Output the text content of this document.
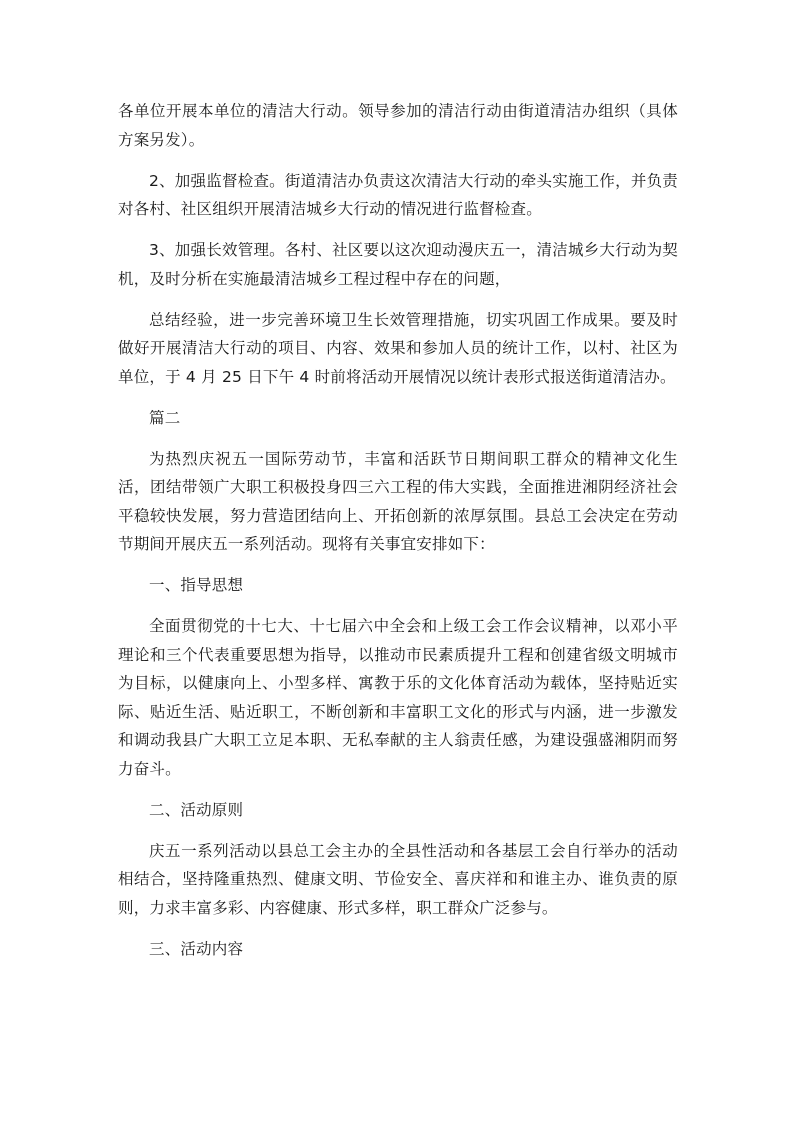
各单位开展本单位的清洁大行动。领导参加的清洁行动由街道清洁办组织（具体方案另发）。

2、加强监督检查。街道清洁办负责这次清洁大行动的牵头实施工作，并负责对各村、社区组织开展清洁城乡大行动的情况进行监督检查。

3、加强长效管理。各村、社区要以这次迎动漫庆五一，清洁城乡大行动为契机，及时分析在实施最清洁城乡工程过程中存在的问题，

总结经验，进一步完善环境卫生长效管理措施，切实巩固工作成果。要及时做好开展清洁大行动的项目、内容、效果和参加人员的统计工作，以村、社区为单位，于 4 月 25 日下午 4 时前将活动开展情况以统计表形式报送街道清洁办。

篇二

为热烈庆祝五一国际劳动节，丰富和活跃节日期间职工群众的精神文化生活，团结带领广大职工积极投身四三六工程的伟大实践，全面推进湘阴经济社会平稳较快发展，努力营造团结向上、开拓创新的浓厚氛围。县总工会决定在劳动节期间开展庆五一系列活动。现将有关事宜安排如下：

一、指导思想

全面贯彻党的十七大、十七届六中全会和上级工会工作会议精神，以邓小平理论和三个代表重要思想为指导，以推动市民素质提升工程和创建省级文明城市为目标，以健康向上、小型多样、寓教于乐的文化体育活动为载体，坚持贴近实际、贴近生活、贴近职工，不断创新和丰富职工文化的形式与内涵，进一步激发和调动我县广大职工立足本职、无私奉献的主人翁责任感，为建设强盛湘阴而努力奋斗。

二、活动原则

庆五一系列活动以县总工会主办的全县性活动和各基层工会自行举办的活动相结合，坚持隆重热烈、健康文明、节俭安全、喜庆祥和和谁主办、谁负责的原则，力求丰富多彩、内容健康、形式多样，职工群众广泛参与。

三、活动内容
